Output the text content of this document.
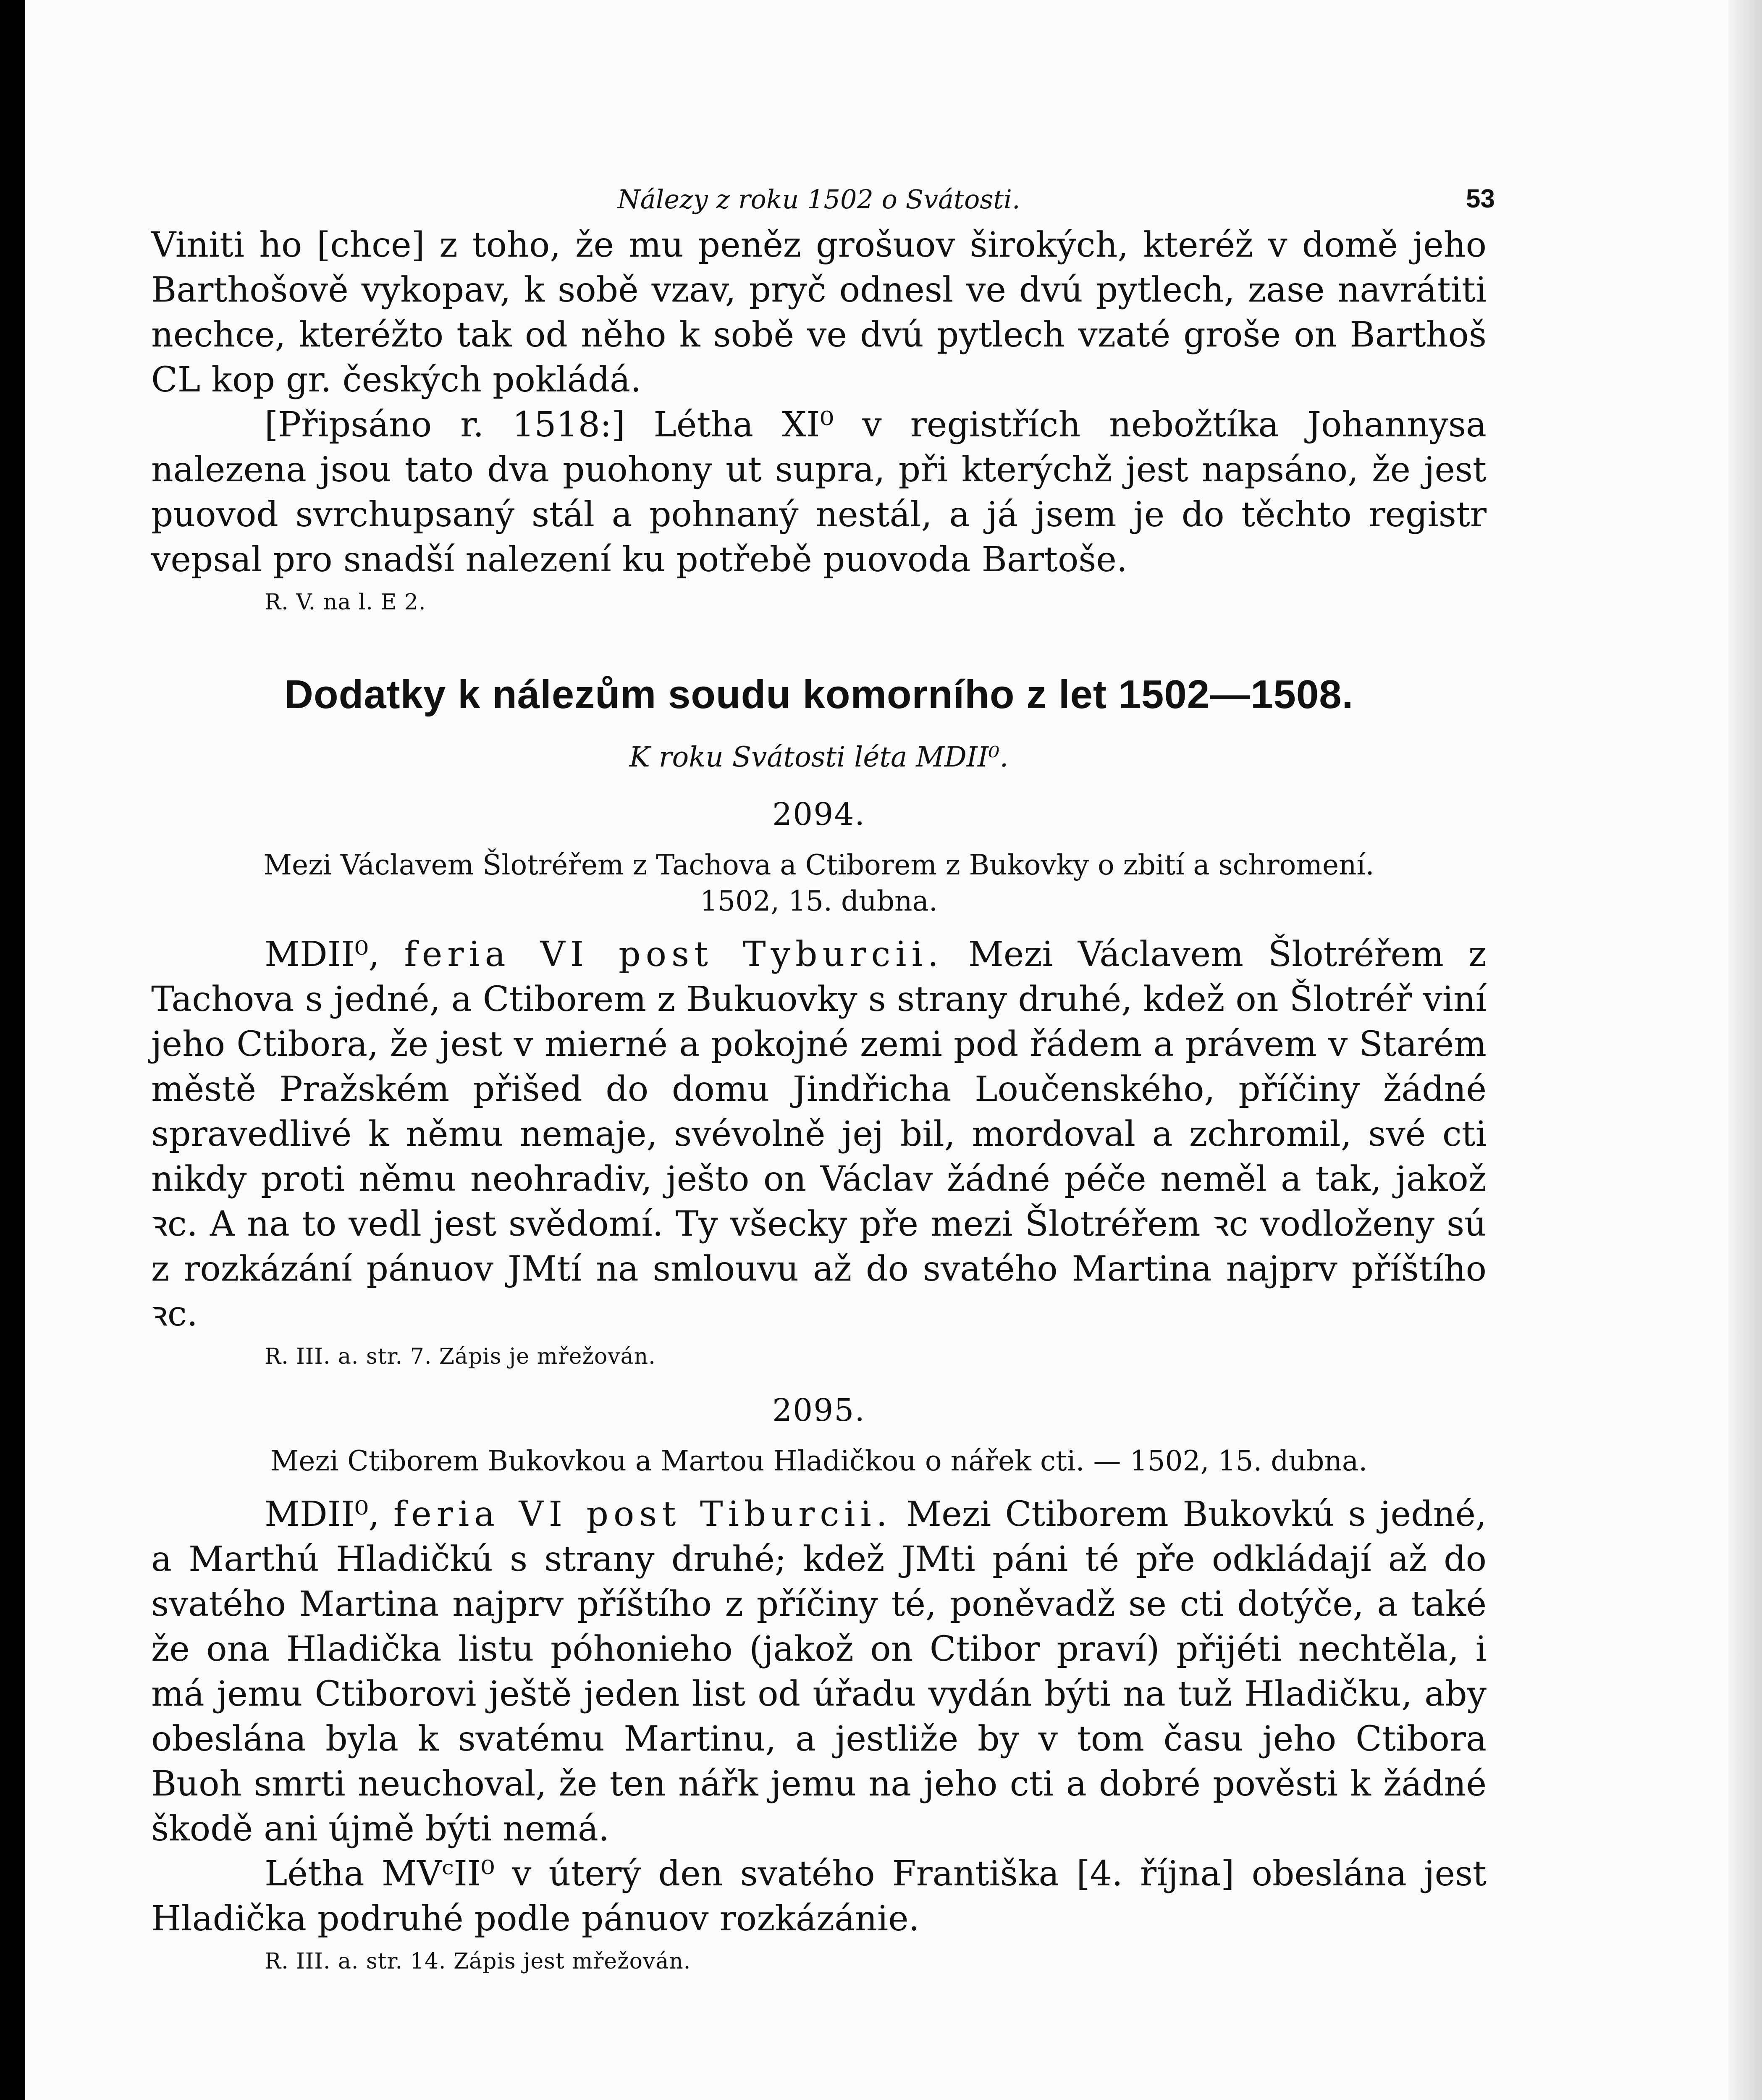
Nálezy z roku 1502 o Svátosti.	53

Viniti ho [chce] z toho, že mu peněz grošuov širokých, kteréž v domě jeho Barthošově vykopav, k sobě vzav, pryč odnesl ve dvú pytlech, zase navrátiti nechce, kteréžto tak od něho k sobě ve dvú pytlech vzaté groše on Barthoš CL kop gr. českých pokládá.

[Připsáno r. 1518:] Létha XI⁰ v registřích nebožtíka Johannysa nalezena jsou tato dva puohony ut supra, při kterýchž jest napsáno, že jest puovod svrchupsaný stál a pohnaný nestál, a já jsem je do těchto registr vepsal pro snadší nalezení ku potřebě puovoda Bartoše.

R. V. na l. E 2.
Dodatky k nálezům soudu komorního z let 1502—1508.
K roku Svátosti léta MDII⁰.
2094.
Mezi Václavem Šlotréřem z Tachova a Ctiborem z Bukovky o zbití a schromení.
1502, 15. dubna.

MDII⁰, feria VI post Tyburcii. Mezi Václavem Šlotréřem z Tachova s jedné, a Ctiborem z Bukuovky s strany druhé, kdež on Šlotréř viní jeho Ctibora, že jest v mierné a pokojné zemi pod řádem a právem v Starém městě Pražském přišed do domu Jindřicha Loučenského, příčiny žádné spravedlivé k němu nemaje, svévolně jej bil, mordoval a zchromil, své cti nikdy proti němu neohradiv, ješto on Václav žádné péče neměl a tak, jakož ꝛc. A na to vedl jest svědomí. Ty všecky pře mezi Šlotréřem ꝛc vodloženy sú z rozkázání pánuov JMtí na smlouvu až do svatého Martina najprv příštího ꝛc.

R. III. a. str. 7. Zápis je mřežován.
2095.
Mezi Ctiborem Bukovkou a Martou Hladičkou o nářek cti. — 1502, 15. dubna.

MDII⁰, feria VI post Tiburcii. Mezi Ctiborem Bukovkú s jedné, a Marthú Hladičkú s strany druhé; kdež JMti páni té pře odkládají až do svatého Martina najprv příštího z příčiny té, poněvadž se cti dotýče, a také že ona Hladička listu póhonieho (jakož on Ctibor praví) přijéti nechtěla, i má jemu Ctiborovi ještě jeden list od úřadu vydán býti na tuž Hladičku, aby obeslána byla k svatému Martinu, a jestliže by v tom času jeho Ctibora Buoh smrti neuchoval, že ten nářk jemu na jeho cti a dobré pověsti k žádné škodě ani újmě býti nemá.

Létha MVᶜII⁰ v úterý den svatého Františka [4. října] obeslána jest Hladička podruhé podle pánuov rozkázánie.

R. III. a. str. 14. Zápis jest mřežován.
